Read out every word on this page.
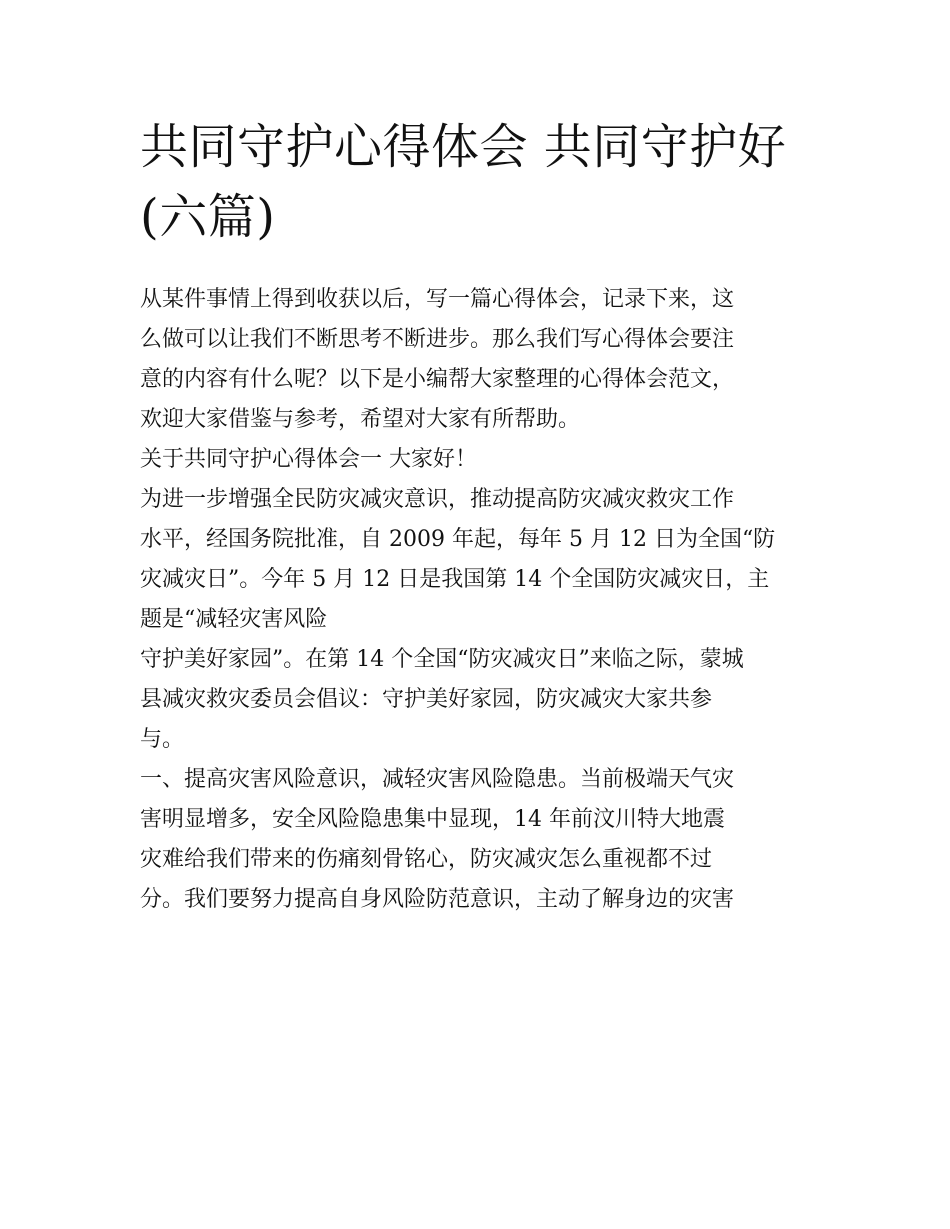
共同守护心得体会 共同守护好
(六篇)

从某件事情上得到收获以后，写一篇心得体会，记录下来，这

么做可以让我们不断思考不断进步。那么我们写心得体会要注

意的内容有什么呢？以下是小编帮大家整理的心得体会范文，

欢迎大家借鉴与参考，希望对大家有所帮助。

关于共同守护心得体会一 大家好！

为进一步增强全民防灾减灾意识，推动提高防灾减灾救灾工作

水平，经国务院批准，自 2009 年起，每年 5 月 12 日为全国“防

灾减灾日”。今年 5 月 12 日是我国第 14 个全国防灾减灾日，主

题是“减轻灾害风险

守护美好家园”。在第 14 个全国“防灾减灾日”来临之际，蒙城

县减灾救灾委员会倡议：守护美好家园，防灾减灾大家共参

与。

一、提高灾害风险意识，减轻灾害风险隐患。当前极端天气灾

害明显增多，安全风险隐患集中显现，14 年前汶川特大地震

灾难给我们带来的伤痛刻骨铭心，防灾减灾怎么重视都不过

分。我们要努力提高自身风险防范意识，主动了解身边的灾害
